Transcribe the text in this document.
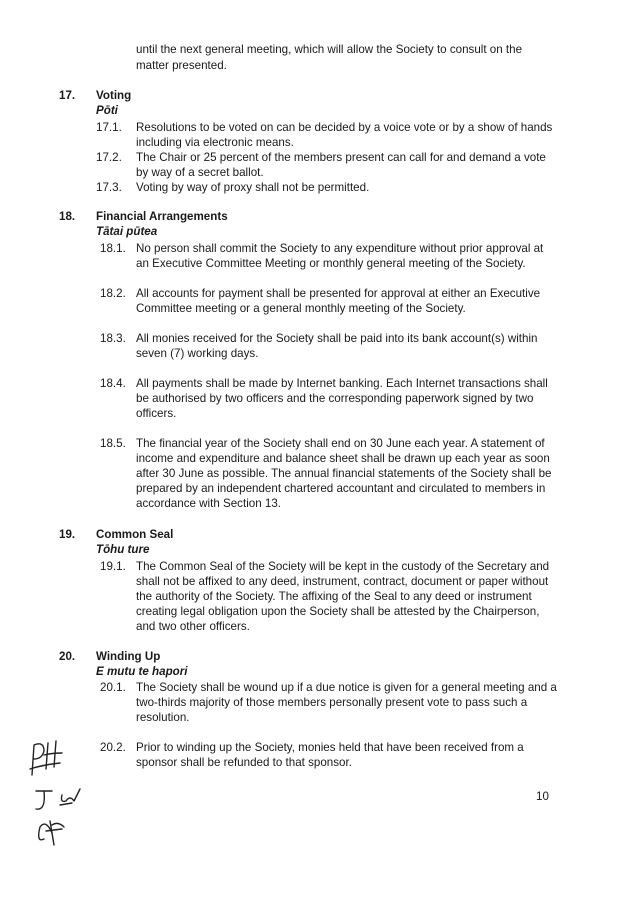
until the next general meeting, which will allow the Society to consult on the
matter presented.
17. Voting
Pōti
17.1. Resolutions to be voted on can be decided by a voice vote or by a show of hands
including via electronic means.
17.2. The Chair or 25 percent of the members present can call for and demand a vote
by way of a secret ballot.
17.3. Voting by way of proxy shall not be permitted.
18. Financial Arrangements
Tātai pūtea
18.1. No person shall commit the Society to any expenditure without prior approval at
an Executive Committee Meeting or monthly general meeting of the Society.
18.2. All accounts for payment shall be presented for approval at either an Executive
Committee meeting or a general monthly meeting of the Society.
18.3. All monies received for the Society shall be paid into its bank account(s) within
seven (7) working days.
18.4. All payments shall be made by Internet banking. Each Internet transactions shall
be authorised by two officers and the corresponding paperwork signed by two
officers.
18.5. The financial year of the Society shall end on 30 June each year. A statement of
income and expenditure and balance sheet shall be drawn up each year as soon
after 30 June as possible. The annual financial statements of the Society shall be
prepared by an independent chartered accountant and circulated to members in
accordance with Section 13.
19. Common Seal
Tōhu ture
19.1. The Common Seal of the Society will be kept in the custody of the Secretary and
shall not be affixed to any deed, instrument, contract, document or paper without
the authority of the Society. The affixing of the Seal to any deed or instrument
creating legal obligation upon the Society shall be attested by the Chairperson,
and two other officers.
20. Winding Up
E mutu te hapori
20.1. The Society shall be wound up if a due notice is given for a general meeting and a
two-thirds majority of those members personally present vote to pass such a
resolution.
20.2. Prior to winding up the Society, monies held that have been received from a
sponsor shall be refunded to that sponsor.
10
